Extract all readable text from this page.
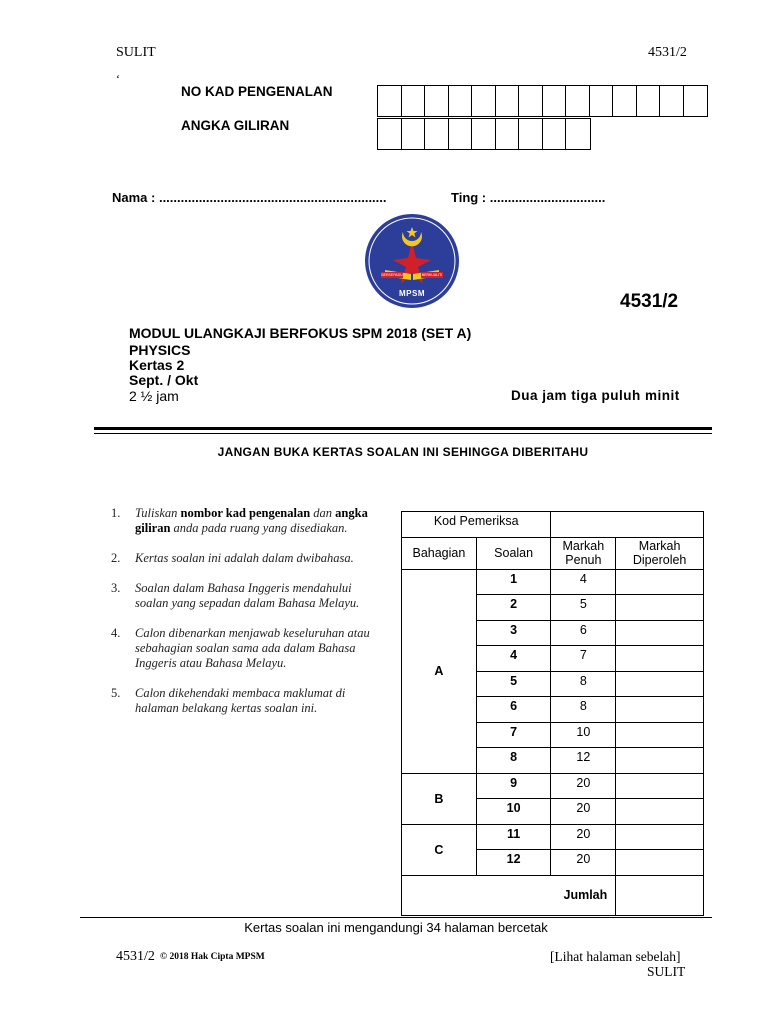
SULIT	4531/2
‘
NO KAD PENGENALAN
ANGKA GILIRAN
Nama : ...............................................................	Ting : ................................
BERSEPADU	BERKUALITI
MPSM	4531/2
MODUL ULANGKAJI BERFOKUS SPM 2018 (SET A)
PHYSICS
Kertas 2
Sept. / Okt
2 ½ jam	Dua jam tiga puluh minit
JANGAN BUKA KERTAS SOALAN INI SEHINGGA DIBERITAHU
1. Tuliskan nombor kad pengenalan dan angka giliran anda pada ruang yang disediakan.
2. Kertas soalan ini adalah dalam dwibahasa.
3. Soalan dalam Bahasa Inggeris mendahului soalan yang sepadan dalam Bahasa Melayu.
4. Calon dibenarkan menjawab keseluruhan atau sebahagian soalan sama ada dalam Bahasa Inggeris atau Bahasa Melayu.
5. Calon dikehendaki membaca maklumat di halaman belakang kertas soalan ini.
Kod Pemeriksa			
Bahagian	Soalan	Markah Penuh	Markah Diperoleh
A	1	4	
	2	5	
	3	6	
	4	7	
	5	8	
	6	8	
	7	10	
	8	12	
B	9	20	
	10	20	
C	11	20	
	12	20	
Jumlah			
Kertas soalan ini mengandungi 34 halaman bercetak
4531/2 © 2018 Hak Cipta MPSM	[Lihat halaman sebelah]
SULIT
